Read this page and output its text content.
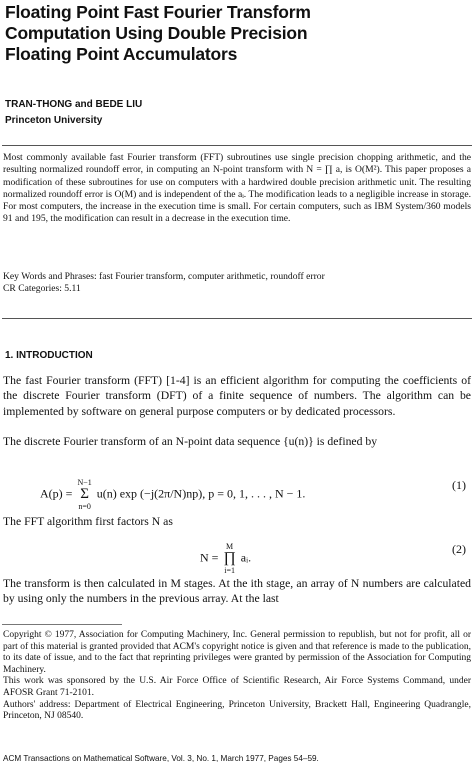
Floating Point Fast Fourier Transform
Computation Using Double Precision
Floating Point Accumulators
TRAN-THONG and BEDE LIU
Princeton University
Most commonly available fast Fourier transform (FFT) subroutines use single precision chopping arithmetic, and the resulting normalized roundoff error, in computing an N-point transform with N = ∏ a, is O(M²). This paper proposes a modification of these subroutines for use on computers with a hardwired double precision arithmetic unit. The resulting normalized roundoff error is O(M) and is independent of the aᵢ. The modification leads to a negligible increase in storage. For most computers, the increase in the execution time is small. For certain computers, such as IBM System/360 models 91 and 195, the modification can result in a decrease in the execution time.
Key Words and Phrases: fast Fourier transform, computer arithmetic, roundoff error
CR Categories: 5.11
1. INTRODUCTION
The fast Fourier transform (FFT) [1-4] is an efficient algorithm for computing the coefficients of the discrete Fourier transform (DFT) of a finite sequence of numbers. The algorithm can be implemented by software on general purpose computers or by dedicated processors.
The discrete Fourier transform of an N-point data sequence {u(n)} is defined by
A(p) = N−1
Σ
n=0 u(n) exp (−j(2π/N)np), p = 0, 1, . . . , N − 1.
(1)
The FFT algorithm first factors N as
N = M
∏
i=1 aᵢ.
(2)
The transform is then calculated in M stages. At the ith stage, an array of N numbers are calculated by using only the numbers in the previous array. At the last
Copyright © 1977, Association for Computing Machinery, Inc. General permission to republish, but not for profit, all or part of this material is granted provided that ACM's copyright notice is given and that reference is made to the publication, to its date of issue, and to the fact that reprinting privileges were granted by permission of the Association for Computing Machinery.
This work was sponsored by the U.S. Air Force Office of Scientific Research, Air Force Systems Command, under AFOSR Grant 71-2101.
Authors' address: Department of Electrical Engineering, Princeton University, Brackett Hall, Engineering Quadrangle, Princeton, NJ 08540.
ACM Transactions on Mathematical Software, Vol. 3, No. 1, March 1977, Pages 54–59.
